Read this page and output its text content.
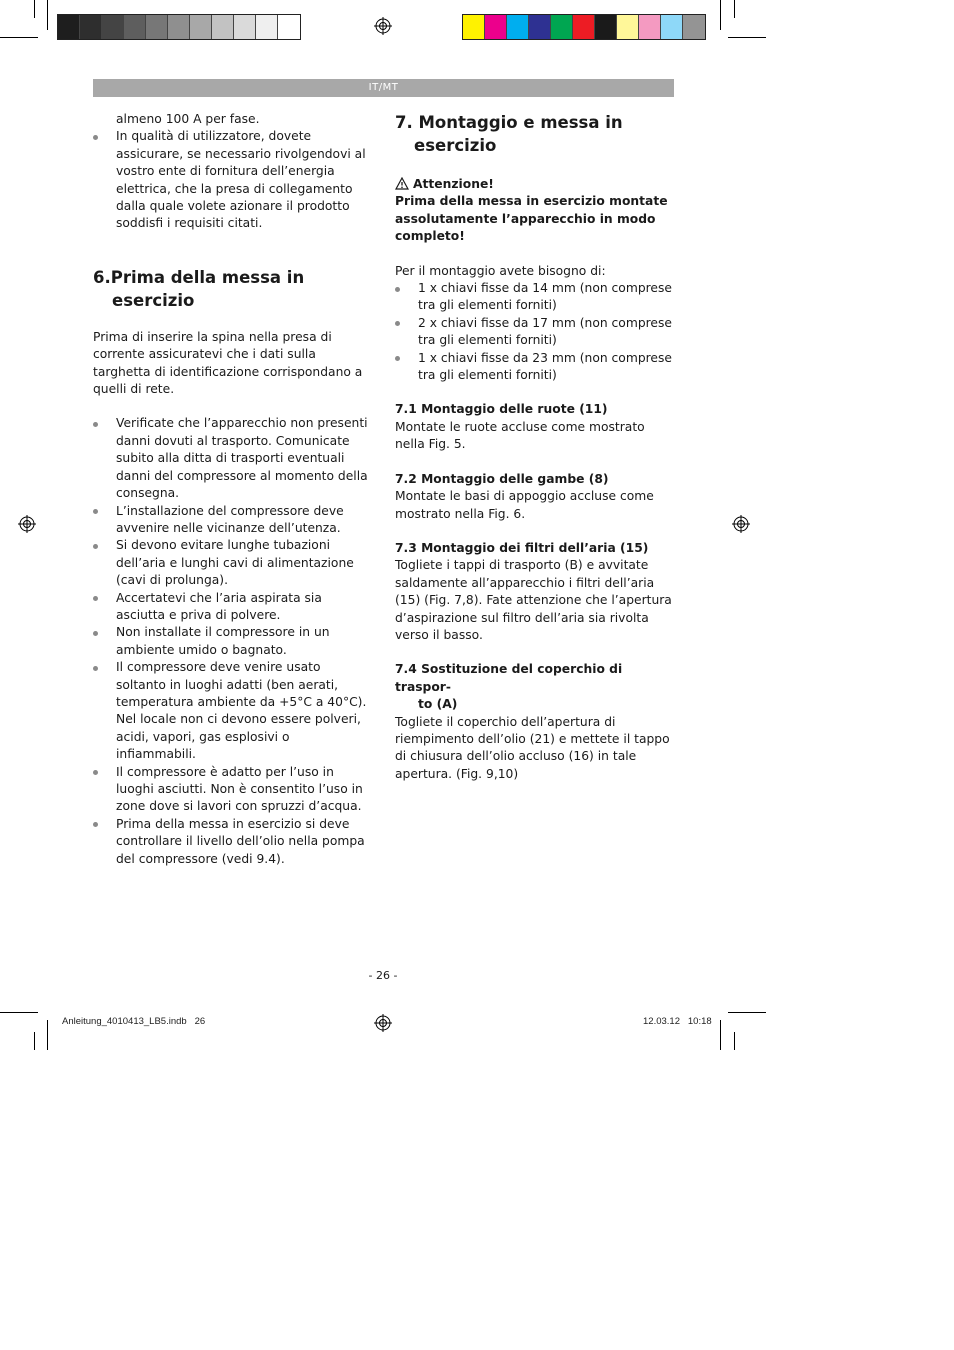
IT/MT

almeno 100 A per fase.

In qualità di utilizzatore, dovete assicurare, se necessario rivolgendovi al vostro ente di fornitura dell’energia elettrica, che la presa di collegamento dalla quale volete azionare il prodotto soddisfi i requisiti citati.
6.Prima della messa in
esercizio

Prima di inserire la spina nella presa di corrente assicuratevi che i dati sulla targhetta di identificazione corrispondano a quelli di rete.

Verificate che l’apparecchio non presenti danni dovuti al trasporto. Comunicate subito alla ditta di trasporti eventuali danni del compressore al momento della consegna.
L’installazione del compressore deve avvenire nelle vicinanze dell’utenza.
Si devono evitare lunghe tubazioni dell’aria e lunghi cavi di alimentazione (cavi di prolunga).
Accertatevi che l’aria aspirata sia asciutta e priva di polvere.
Non installate il compressore in un ambiente umido o bagnato.
Il compressore deve venire usato soltanto in luoghi adatti (ben aerati, temperatura ambiente da +5°C a 40°C). Nel locale non ci devono essere polveri, acidi, vapori, gas esplosivi o infiammabili.
Il compressore è adatto per l’uso in luoghi asciutti. Non è consentito l’uso in zone dove si lavori con spruzzi d’acqua.
Prima della messa in esercizio si deve controllare il livello dell’olio nella pompa del compressore (vedi 9.4).
7. Montaggio e messa in
esercizio
Attenzione!

Prima della messa in esercizio montate assolutamente l’apparecchio in modo completo!

Per il montaggio avete bisogno di:

1 x chiavi fisse da 14 mm (non comprese tra gli elementi forniti)
2 x chiavi fisse da 17 mm (non comprese tra gli elementi forniti)
1 x chiavi fisse da 23 mm (non comprese tra gli elementi forniti)
7.1 Montaggio delle ruote (11)

Montate le ruote accluse come mostrato nella Fig. 5.

7.2 Montaggio delle gambe (8)

Montate le basi di appoggio accluse come mostrato nella Fig. 6.

7.3 Montaggio dei filtri dell’aria (15)

Togliete i tappi di trasporto (B) e avvitate saldamente all’apparecchio i filtri dell’aria (15) (Fig. 7,8). Fate attenzione che l’apertura d’aspirazione sul filtro dell’aria sia rivolta verso il basso.

7.4 Sostituzione del coperchio di traspor-
to (A)

Togliete il coperchio dell’apertura di riempimento dell’olio (21) e mettete il tappo di chiusura dell’olio accluso (16) in tale apertura. (Fig. 9,10)

- 26 -
Anleitung_4010413_LB5.indb   26	12.03.12   10:18
